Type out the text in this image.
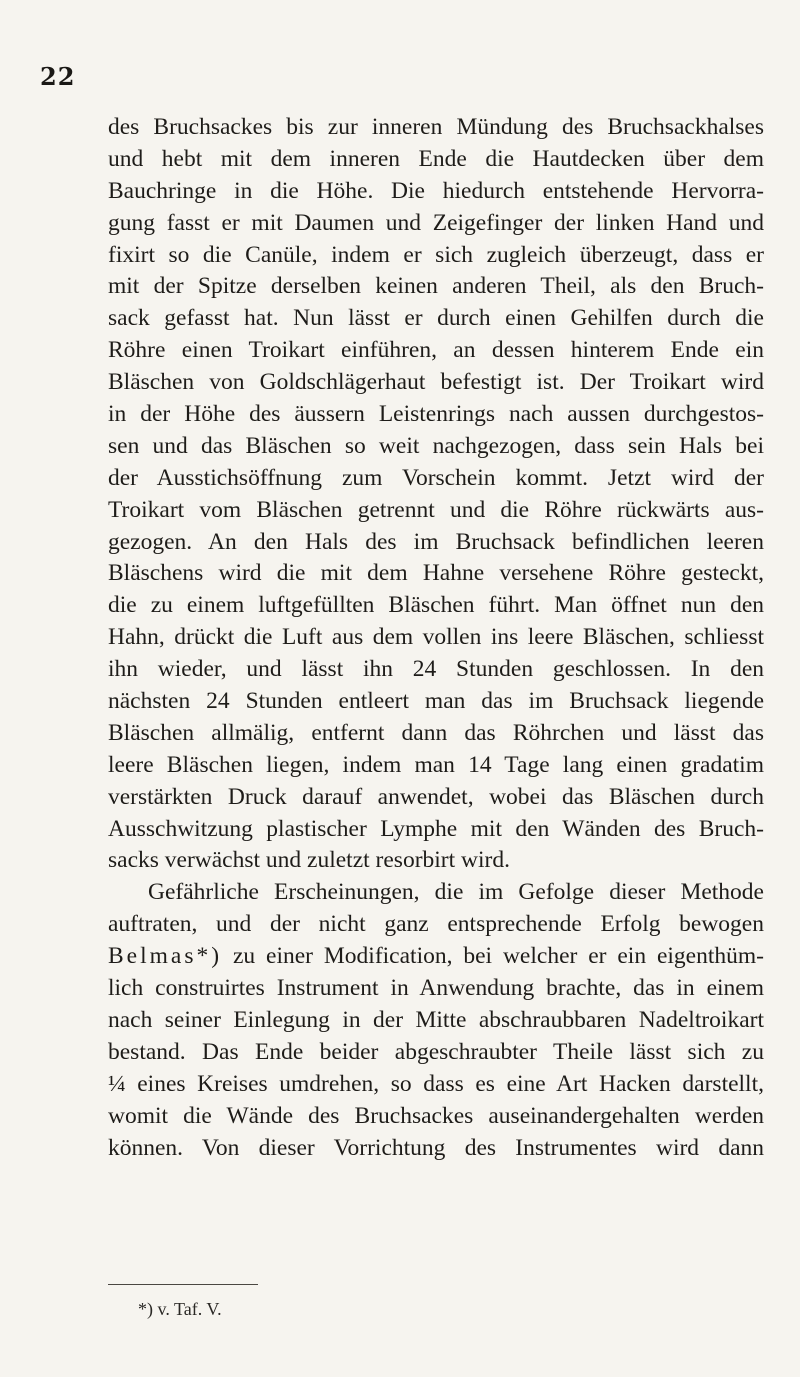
22
des Bruchsackes bis zur inneren Mündung des Bruchsackhalses
und hebt mit dem inneren Ende die Hautdecken über dem
Bauchringe in die Höhe. Die hiedurch entstehende Hervorra-
gung fasst er mit Daumen und Zeigefinger der linken Hand und
fixirt so die Canüle, indem er sich zugleich überzeugt, dass er
mit der Spitze derselben keinen anderen Theil, als den Bruch-
sack gefasst hat. Nun lässt er durch einen Gehilfen durch die
Röhre einen Troikart einführen, an dessen hinterem Ende ein
Bläschen von Goldschlägerhaut befestigt ist. Der Troikart wird
in der Höhe des äussern Leistenrings nach aussen durchgestos-
sen und das Bläschen so weit nachgezogen, dass sein Hals bei
der Ausstichsöffnung zum Vorschein kommt. Jetzt wird der
Troikart vom Bläschen getrennt und die Röhre rückwärts aus-
gezogen. An den Hals des im Bruchsack befindlichen leeren
Bläschens wird die mit dem Hahne versehene Röhre gesteckt,
die zu einem luftgefüllten Bläschen führt. Man öffnet nun den
Hahn, drückt die Luft aus dem vollen ins leere Bläschen, schliesst
ihn wieder, und lässt ihn 24 Stunden geschlossen. In den
nächsten 24 Stunden entleert man das im Bruchsack liegende
Bläschen allmälig, entfernt dann das Röhrchen und lässt das
leere Bläschen liegen, indem man 14 Tage lang einen gradatim
verstärkten Druck darauf anwendet, wobei das Bläschen durch
Ausschwitzung plastischer Lymphe mit den Wänden des Bruch-
sacks verwächst und zuletzt resorbirt wird.
Gefährliche Erscheinungen, die im Gefolge dieser Methode
auftraten, und der nicht ganz entsprechende Erfolg bewogen
Belmas*) zu einer Modification, bei welcher er ein eigenthüm-
lich construirtes Instrument in Anwendung brachte, das in einem
nach seiner Einlegung in der Mitte abschraubbaren Nadeltroikart
bestand. Das Ende beider abgeschraubter Theile lässt sich zu
¼ eines Kreises umdrehen, so dass es eine Art Hacken darstellt,
womit die Wände des Bruchsackes auseinandergehalten werden
können. Von dieser Vorrichtung des Instrumentes wird dann
*) v. Taf. V.
